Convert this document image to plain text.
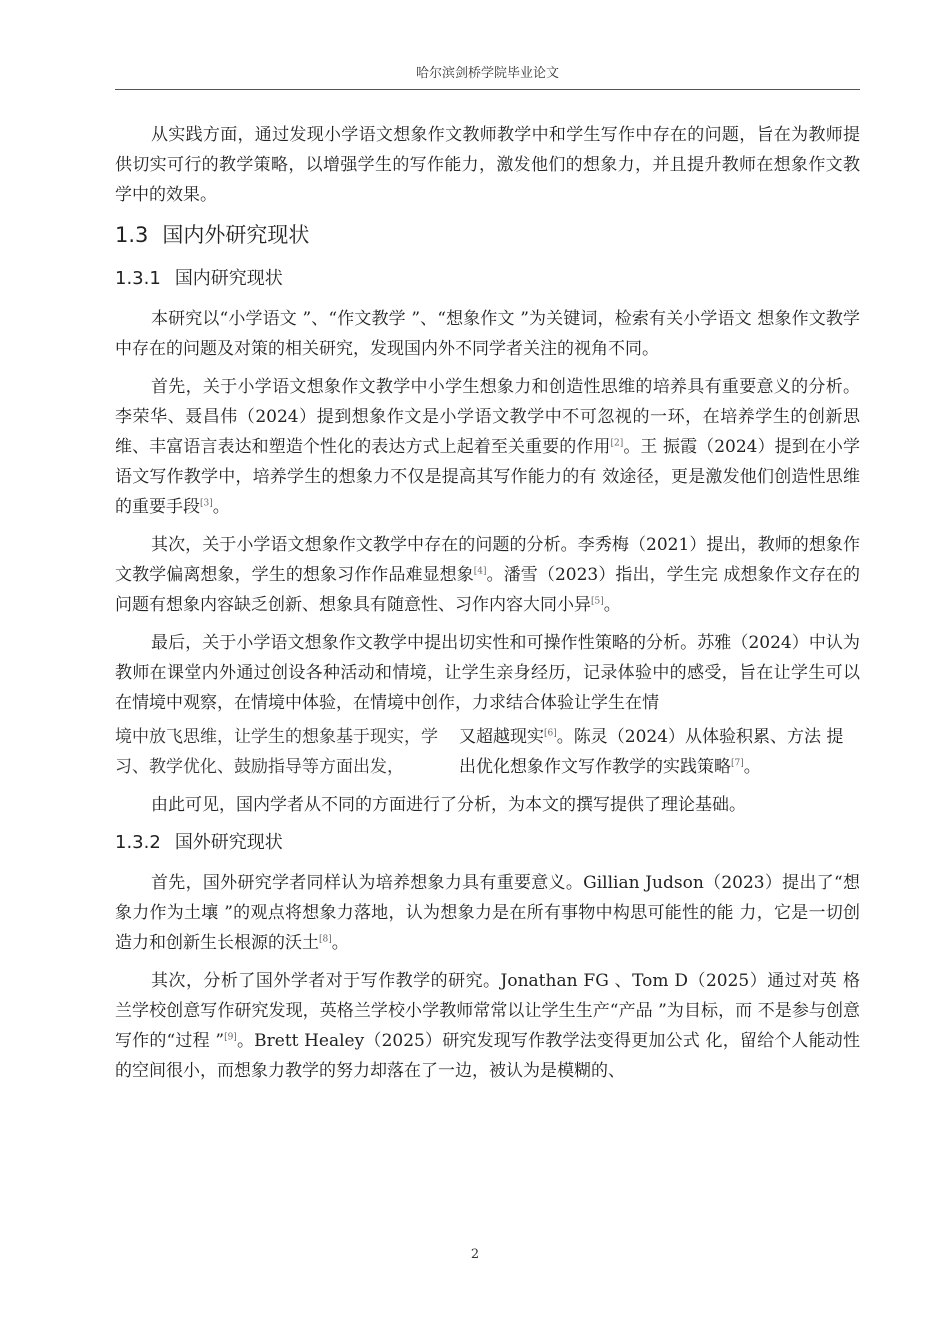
哈尔滨剑桥学院毕业论文

从实践方面，通过发现小学语文想象作文教师教学中和学生写作中存在的问题，旨在为教师提供切实可行的教学策略，以增强学生的写作能力，激发他们的想象力，并且提升教师在想象作文教学中的效果。

1.3 国内外研究现状
1.3.1 国内研究现状

本研究以“小学语文 ”、“作文教学 ”、“想象作文 ”为关键词，检索有关小学语文 想象作文教学中存在的问题及对策的相关研究，发现国内外不同学者关注的视角不同。

首先，关于小学语文想象作文教学中小学生想象力和创造性思维的培养具有重要意义的分析。李荣华、聂昌伟（2024）提到想象作文是小学语文教学中不可忽视的一环，在培养学生的创新思维、丰富语言表达和塑造个性化的表达方式上起着至关重要的作用[2]。王 振霞（2024）提到在小学语文写作教学中，培养学生的想象力不仅是提高其写作能力的有 效途径，更是激发他们创造性思维的重要手段[3]。

其次，关于小学语文想象作文教学中存在的问题的分析。李秀梅（2021）提出，教师的想象作文教学偏离想象，学生的想象习作作品难显想象[4]。潘雪（2023）指出，学生完 成想象作文存在的问题有想象内容缺乏创新、想象具有随意性、习作内容大同小异[5]。

最后，关于小学语文想象作文教学中提出切实性和可操作性策略的分析。苏雅（2024）中认为教师在课堂内外通过创设各种活动和情境，让学生亲身经历，记录体验中的感受，旨在让学生可以在情境中观察，在情境中体验，在情境中创作，力求结合体验让学生在情

境中放飞思维，让学生的想象基于现实，学习、教学优化、鼓励指导等方面出发，
又超越现实[6]。陈灵（2024）从体验积累、方法 提出优化想象作文写作教学的实践策略[7]。

由此可见，国内学者从不同的方面进行了分析，为本文的撰写提供了理论基础。

1.3.2 国外研究现状

首先，国外研究学者同样认为培养想象力具有重要意义。Gillian Judson（2023）提出了“想象力作为土壤 ”的观点将想象力落地，认为想象力是在所有事物中构思可能性的能 力，它是一切创造力和创新生长根源的沃土[8]。

其次，分析了国外学者对于写作教学的研究。Jonathan FG 、Tom D（2025）通过对英 格兰学校创意写作研究发现，英格兰学校小学教师常常以让学生生产“产品 ”为目标，而 不是参与创意写作的“过程 ”[9]。Brett Healey（2025）研究发现写作教学法变得更加公式 化，留给个人能动性的空间很小，而想象力教学的努力却落在了一边，被认为是模糊的、

2
